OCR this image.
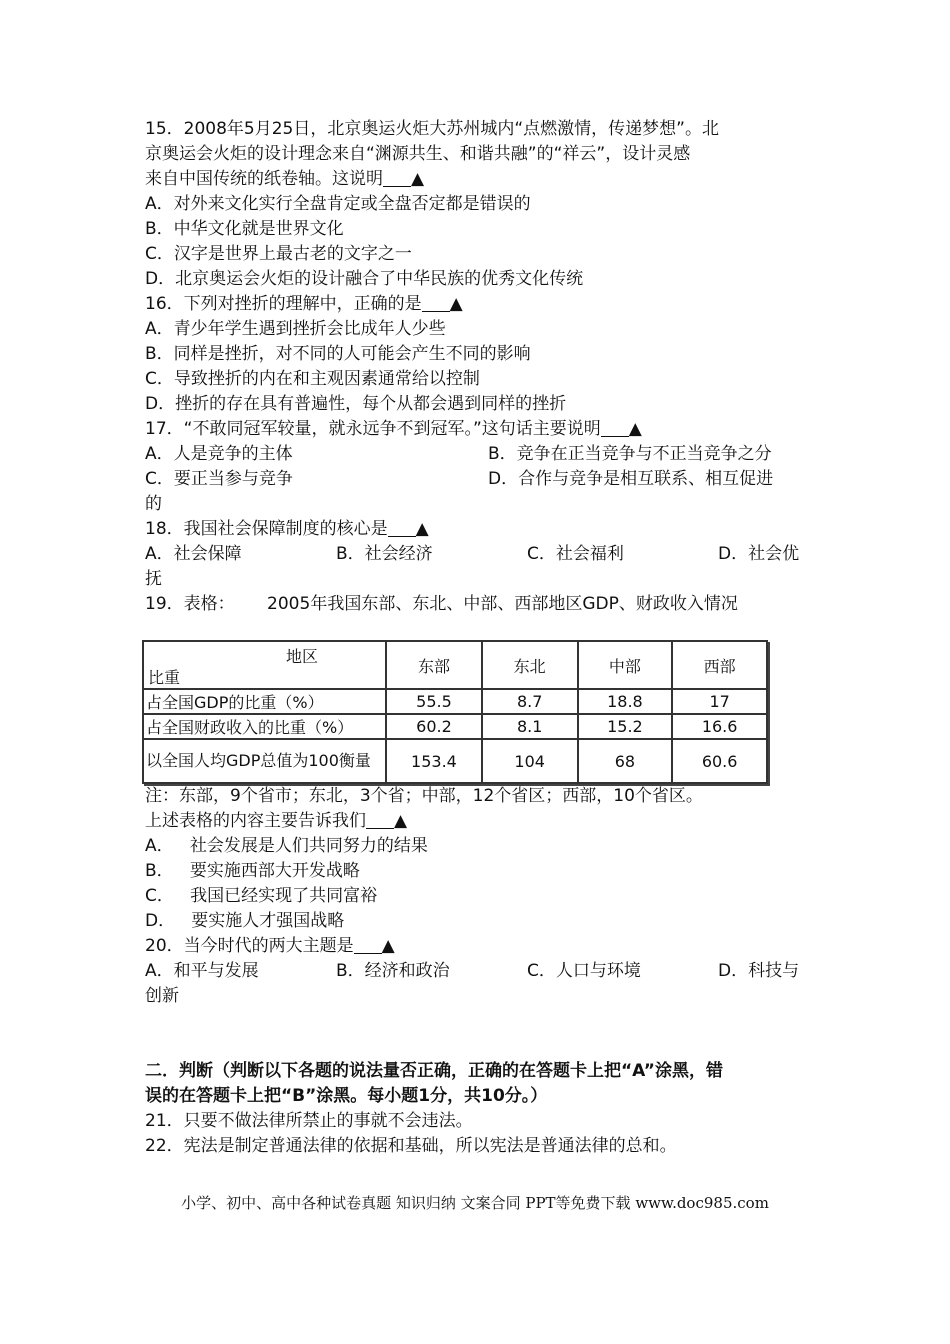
15．2008年5月25日，北京奥运火炬大苏州城内“点燃激情，传递梦想”。北
京奥运会火炬的设计理念来自“渊源共生、和谐共融”的“祥云”，设计灵感
来自中国传统的纸卷轴。这说明 ▲
A．对外来文化实行全盘肯定或全盘否定都是错误的
B．中华文化就是世界文化
C．汉字是世界上最古老的文字之一
D．北京奥运会火炬的设计融合了中华民族的优秀文化传统
16．下列对挫折的理解中，正确的是 ▲
A．青少年学生遇到挫折会比成年人少些
B．同样是挫折，对不同的人可能会产生不同的影响
C．导致挫折的内在和主观因素通常给以控制
D．挫折的存在具有普遍性，每个从都会遇到同样的挫折
17．“不敢同冠军较量，就永远争不到冠军。”这句话主要说明 ▲
A．人是竞争的主体	B．竞争在正当竞争与不正当竞争之分
C．要正当参与竞争	D．合作与竞争是相互联系、相互促进
的
18．我国社会保障制度的核心是 ▲
A．社会保障	B．社会经济	C．社会福利	D．社会优
抚
19．表格：      2005年我国东部、东北、中部、西部地区GDP、财政收入情况
地区
比重	东部	东北	中部	西部
占全国GDP的比重（%）	55.5	8.7	18.8	17
占全国财政收入的比重（%）	60.2	8.1	15.2	16.6
以全国人均GDP总值为100衡量	153.4	104	68	60.6
注：东部，9个省市；东北，3个省；中部，12个省区；西部，10个省区。
上述表格的内容主要告诉我们 ▲
A．   社会发展是人们共同努力的结果
B．   要实施西部大开发战略
C．   我国已经实现了共同富裕
D．   要实施人才强国战略
20．当今时代的两大主题是 ▲
A．和平与发展	B．经济和政治	C．人口与环境	D．科技与
创新
二．判断（判断以下各题的说法量否正确，正确的在答题卡上把“A”涂黑，错
误的在答题卡上把“B”涂黑。每小题1分，共10分。）
21．只要不做法律所禁止的事就不会违法。
22．宪法是制定普通法律的依据和基础，所以宪法是普通法律的总和。
小学、初中、高中各种试卷真题 知识归纳 文案合同 PPT等免费下载 www.doc985.com
